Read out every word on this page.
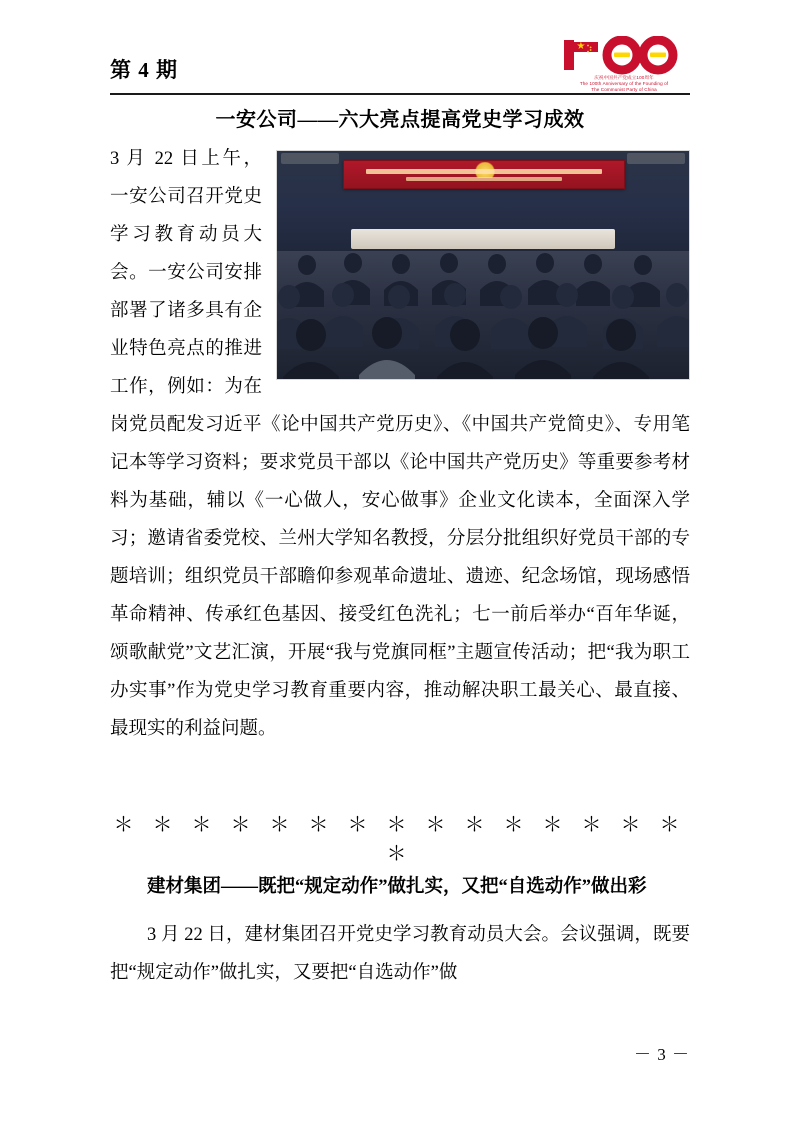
第 4 期	庆祝中国共产党成立100周年
The 100th Anniversary of the Founding of
The Communist Party of China
一安公司——六大亮点提高党史学习成效
3 月 22 日上午，一安公司召开党史学习教育动员大会。一安公司安排部署了诸多具有企业特色亮点的推进工作，例如：为在岗党员配发习近平《论中国共产党历史》、《中国共产党简史》、专用笔记本等学习资料；要求党员干部以《论中国共产党历史》等重要参考材料为基础，辅以《一心做人，安心做事》企业文化读本，全面深入学习；邀请省委党校、兰州大学知名教授，分层分批组织好党员干部的专题培训；组织党员干部瞻仰参观革命遗址、遗迹、纪念场馆，现场感悟革命精神、传承红色基因、接受红色洗礼；七一前后举办“百年华诞，颂歌献党”文艺汇演，开展“我与党旗同框”主题宣传活动；把“我为职工办实事”作为党史学习教育重要内容，推动解决职工最关心、最直接、最现实的利益问题。
＊ ＊ ＊ ＊ ＊ ＊ ＊ ＊ ＊ ＊ ＊ ＊ ＊ ＊ ＊ ＊
建材集团——既把“规定动作”做扎实，又把“自选动作”做出彩
3 月 22 日，建材集团召开党史学习教育动员大会。会议强调，既要把“规定动作”做扎实，又要把“自选动作”做
－ 3 －
